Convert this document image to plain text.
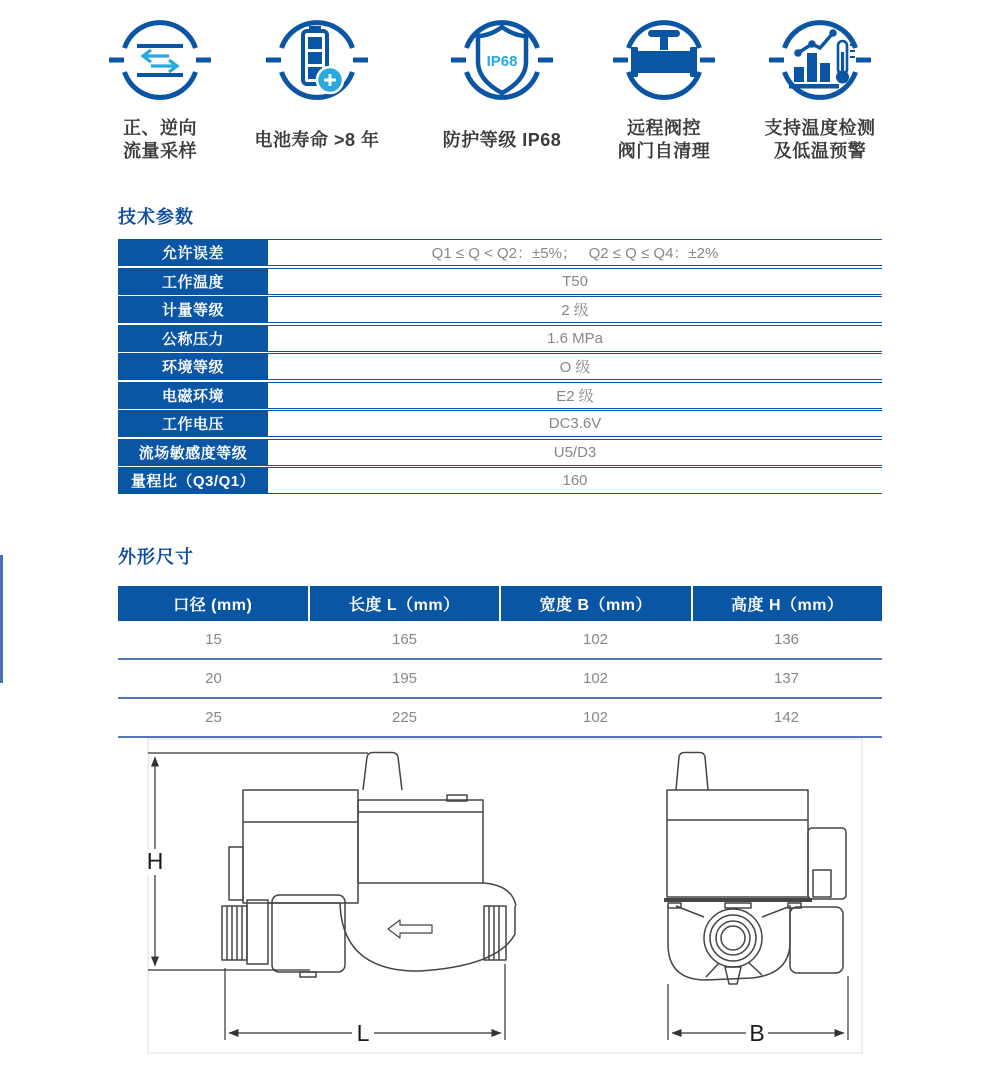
正、逆向
流量采样
电池寿命 >8 年
IP68
防护等级 IP68
远程阀控
阀门自清理
支持温度检测
及低温预警
技术参数
允许误差	Q1 ≤ Q < Q2：±5%；　 Q2 ≤ Q ≤ Q4：±2%
工作温度	T50
计量等级	2 级
公称压力	1.6 MPa
环境等级	O 级
电磁环境	E2 级
工作电压	DC3.6V
流场敏感度等级	U5/D3
量程比（Q3/Q1）	160
外形尺寸
口径 (mm)	长度 L（mm）	宽度 B（mm）	高度 H（mm）
15	165	102	136
20	195	102	137
25	225	102	142
H
L	B
